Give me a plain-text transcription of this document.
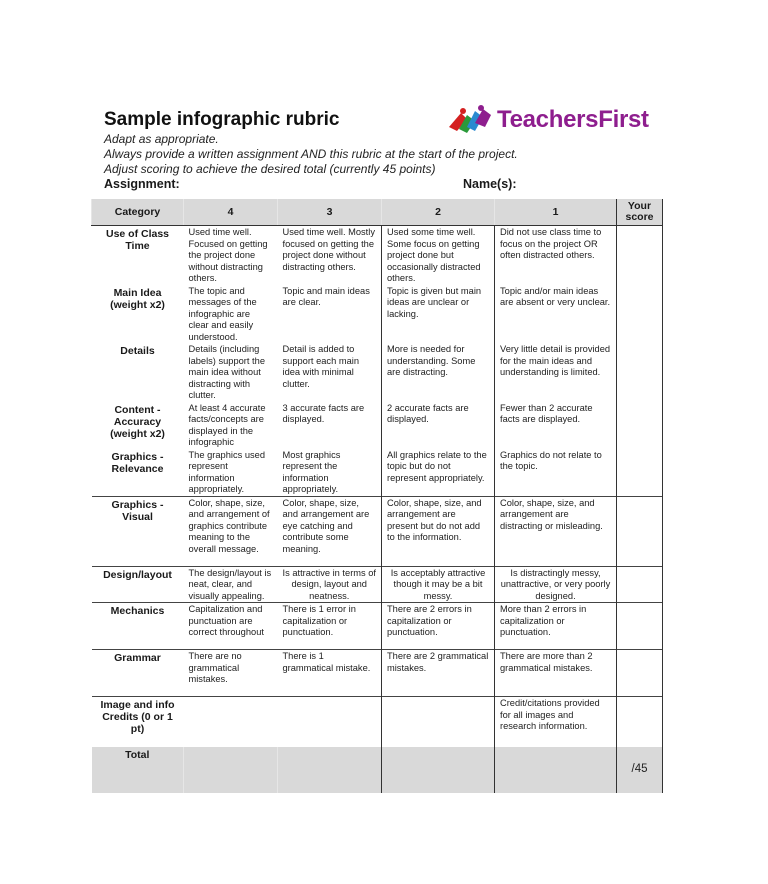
Sample infographic rubric	TeachersFirst
Adapt as appropriate.
Always provide a written assignment AND this rubric at the start of the project.
Adjust scoring to achieve the desired total (currently 45 points)
Assignment:	Name(s):
Category	4	3	2	1	Your score
Use of Class Time	Used time well. Focused on getting the project done without distracting others.	Used time well. Mostly focused on getting the project done without distracting others.	Used some time well. Some focus on getting project done but occasionally distracted others.	Did not use class time to focus on the project OR often distracted others.	
Main Idea (weight x2)	The topic and messages of the infographic are clear and easily understood.	Topic and main ideas are clear.	Topic is given but main ideas are unclear or lacking.	Topic and/or main ideas are absent or very unclear.	
Details	Details (including labels) support the main idea without distracting with clutter.	Detail is added to support each main idea with minimal clutter.	More is needed for understanding. Some are distracting.	Very little detail is provided for the main ideas and understanding is limited.	
Content - Accuracy (weight x2)	At least 4 accurate facts/concepts are displayed in the infographic	3 accurate facts are displayed.	2 accurate facts are displayed.	Fewer than 2 accurate facts are displayed.	
Graphics - Relevance	The graphics used represent information appropriately.	Most graphics represent the information appropriately.	All graphics relate to the topic but do not represent appropriately.	Graphics do not relate to the topic.	
Graphics - Visual	Color, shape, size, and arrangement of graphics contribute meaning to the overall message.	Color, shape, size, and arrangement are eye catching and contribute some meaning.	Color, shape, size, and arrangement are present but do not add to the information.	Color, shape, size, and arrangement are distracting or misleading.	
Design/layout	The design/layout is neat, clear, and visually appealing.	Is attractive in terms of design, layout and neatness.	Is acceptably attractive though it may be a bit messy.	Is distractingly messy, unattractive, or very poorly designed.	
Mechanics	Capitalization and punctuation are correct throughout	There is 1 error in capitalization or punctuation.	There are 2 errors in capitalization or punctuation.	More than 2 errors in capitalization or punctuation.	
Grammar	There are no grammatical mistakes.	There is 1 grammatical mistake.	There are 2 grammatical mistakes.	There are more than 2 grammatical mistakes.	
Image and info Credits (0 or 1 pt)				Credit/citations provided for all images and research information.	
Total					/45
